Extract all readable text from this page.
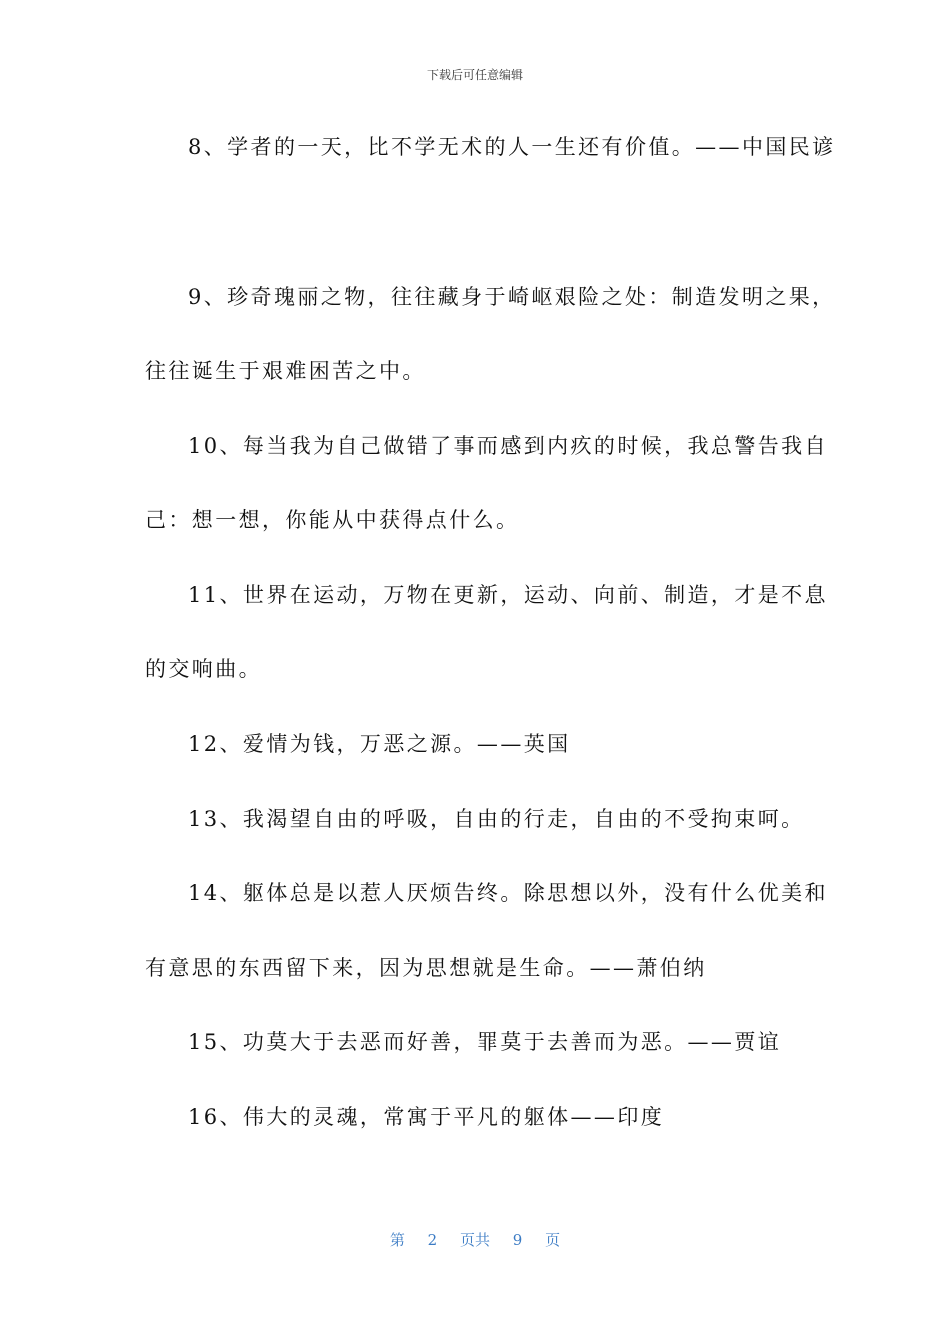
下载后可任意编辑
8、学者的一天，比不学无术的人一生还有价值。——中国民谚
9、珍奇瑰丽之物，往往藏身于崎岖艰险之处：制造发明之果，
往往诞生于艰难困苦之中。
10、每当我为自己做错了事而感到内疚的时候，我总警告我自
己：想一想，你能从中获得点什么。
11、世界在运动，万物在更新，运动、向前、制造，才是不息
的交响曲。
12、爱情为钱，万恶之源。——英国
13、我渴望自由的呼吸，自由的行走，自由的不受拘束呵。
14、躯体总是以惹人厌烦告终。除思想以外，没有什么优美和
有意思的东西留下来，因为思想就是生命。——萧伯纳
15、功莫大于去恶而好善，罪莫于去善而为恶。——贾谊
16、伟大的灵魂，常寓于平凡的躯体——印度
第 2 页共 9 页
